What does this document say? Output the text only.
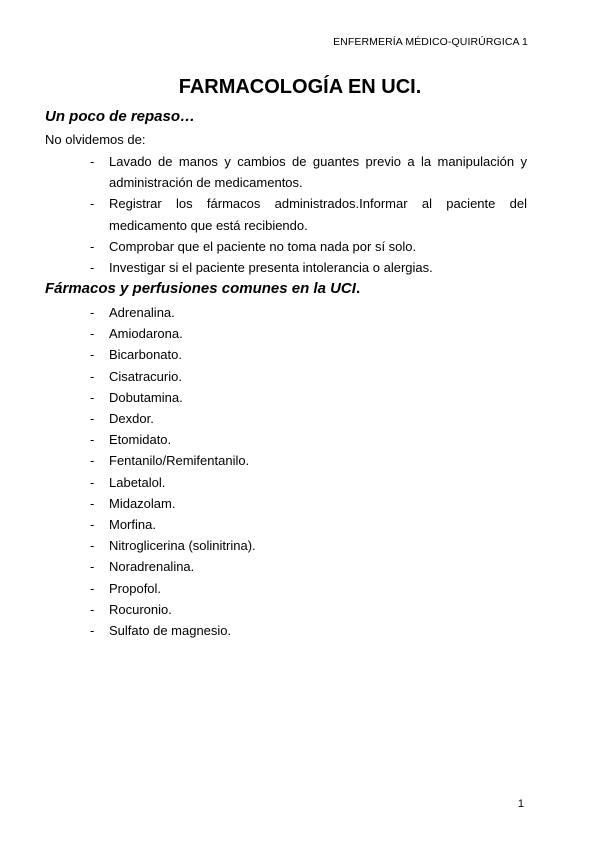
ENFERMERÍA MÉDICO-QUIRÚRGICA 1
FARMACOLOGÍA EN UCI.
Un poco de repaso…

No olvidemos de:

- Lavado de manos y cambios de guantes previo a la manipulación y administración de medicamentos.
- Registrar los fármacos administrados.Informar al paciente del medicamento que está recibiendo.
- Comprobar que el paciente no toma nada por sí solo.
- Investigar si el paciente presenta intolerancia o alergias.
Fármacos y perfusiones comunes en la UCI.
- Adrenalina.
- Amiodarona.
- Bicarbonato.
- Cisatracurio.
- Dobutamina.
- Dexdor.
- Etomidato.
- Fentanilo/Remifentanilo.
- Labetalol.
- Midazolam.
- Morfina.
- Nitroglicerina (solinitrina).
- Noradrenalina.
- Propofol.
- Rocuronio.
- Sulfato de magnesio.
1
